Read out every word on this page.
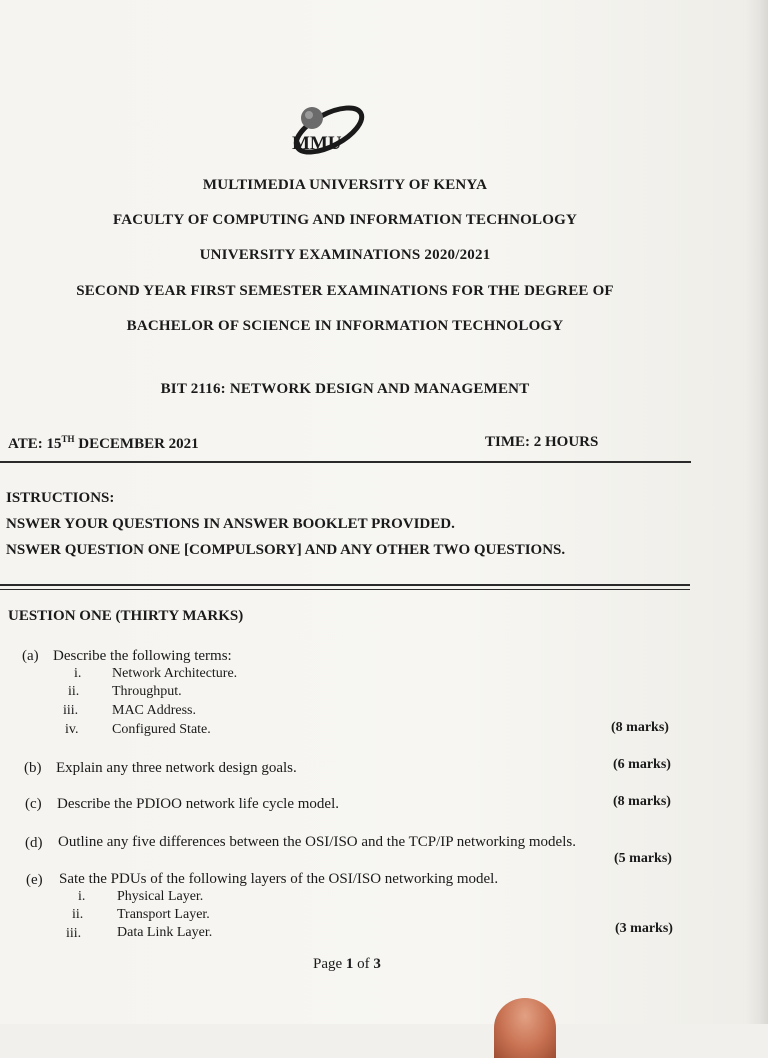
MMU
MULTIMEDIA UNIVERSITY OF KENYA
FACULTY OF COMPUTING AND INFORMATION TECHNOLOGY
UNIVERSITY EXAMINATIONS 2020/2021
SECOND YEAR FIRST SEMESTER EXAMINATIONS FOR THE DEGREE OF
BACHELOR OF SCIENCE IN INFORMATION TECHNOLOGY
BIT 2116: NETWORK DESIGN AND MANAGEMENT
ATE: 15TH DECEMBER 2021	TIME: 2 HOURS
ISTRUCTIONS:
NSWER YOUR QUESTIONS IN ANSWER BOOKLET PROVIDED.
NSWER QUESTION ONE [COMPULSORY] AND ANY OTHER TWO QUESTIONS.
UESTION ONE (THIRTY MARKS)
(a) Describe the following terms:
i. Network Architecture.
ii. Throughput.
iii. MAC Address.
iv. Configured State.	(8 marks)
(b) Explain any three network design goals.	(6 marks)
(c) Describe the PDIOO network life cycle model.	(8 marks)
(d) Outline any five differences between the OSI/ISO and the TCP/IP networking models.
(5 marks)
(e) Sate the PDUs of the following layers of the OSI/ISO networking model.
i. Physical Layer.
ii. Transport Layer.
iii.	Data Link Layer.	(3 marks)
Page 1 of 3
